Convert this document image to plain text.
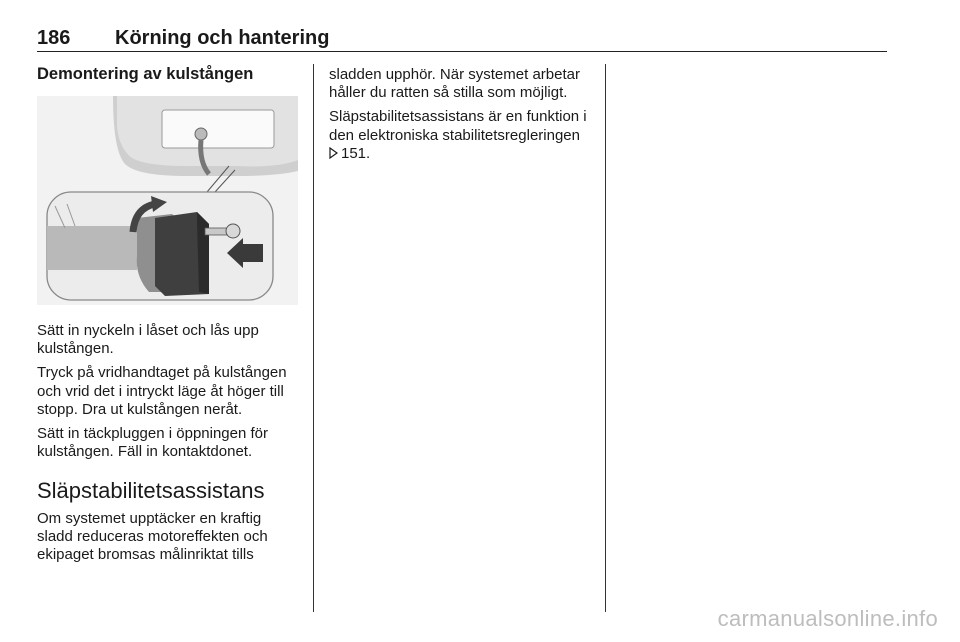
186 Körning och hantering
Demontering av kulstången

Sätt in nyckeln i låset och lås upp kulstången.

Tryck på vridhandtaget på kulstången och vrid det i intryckt läge åt höger till stopp. Dra ut kulstången neråt.

Sätt in täckpluggen i öppningen för kulstången. Fäll in kontaktdonet.

Släpstabilitetsassistans

Om systemet upptäcker en kraftig sladd reduceras motoreffekten och ekipaget bromsas målinriktat tills

sladden upphör. När systemet arbetar håller du ratten så stilla som möjligt.

Släpstabilitetsassistans är en funktion i den elektroniska stabilitetsregleringen 151.

carmanualsonline.info
